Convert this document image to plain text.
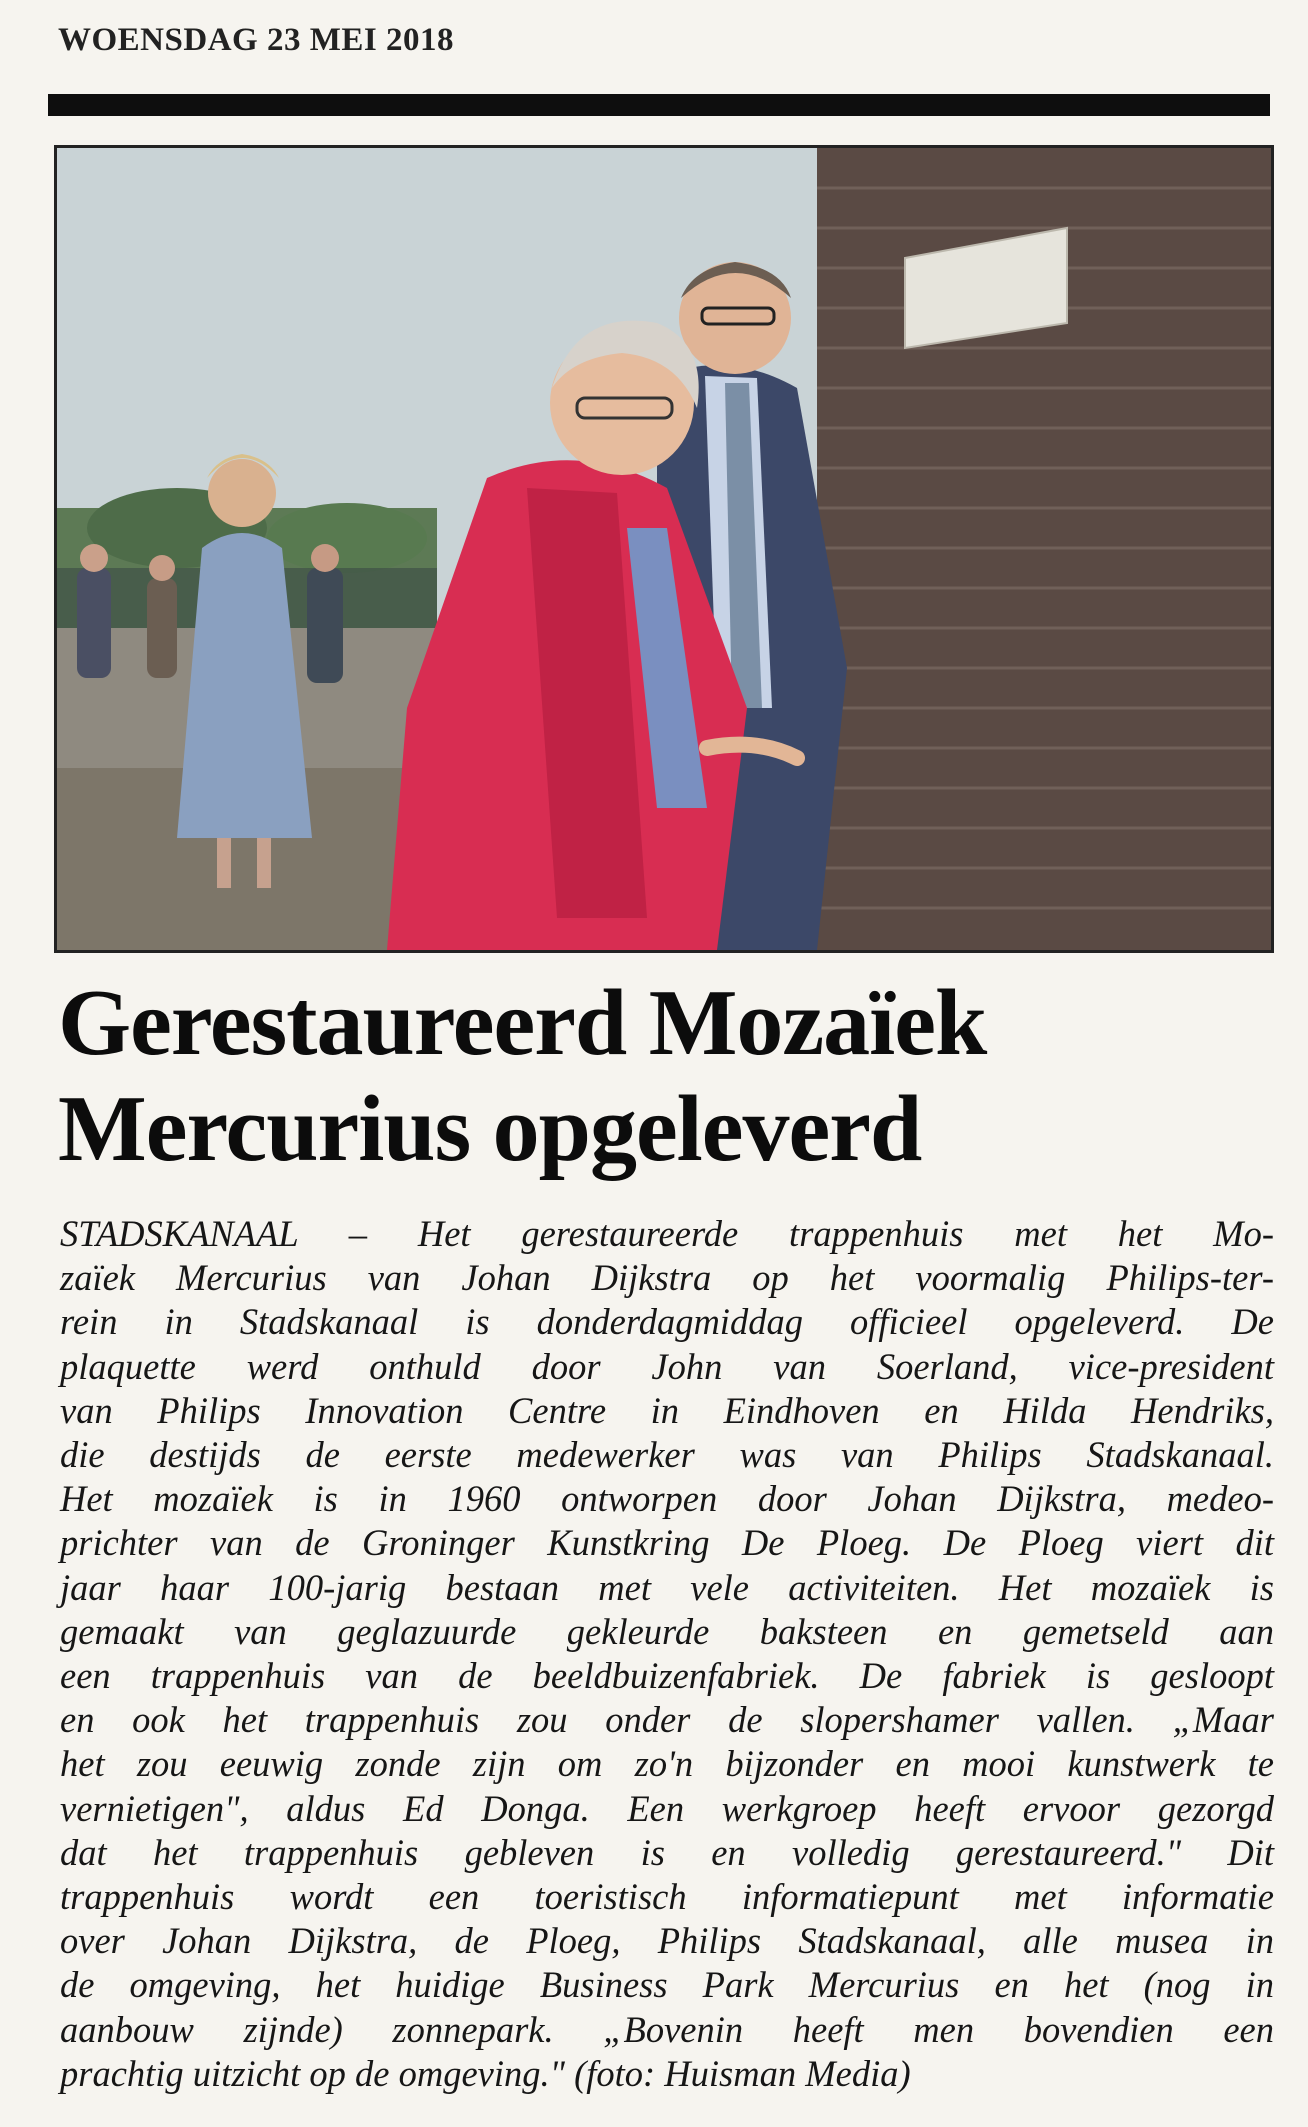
WOENSDAG 23 MEI 2018
Gerestaureerd Mozaïek
Mercurius opgeleverd
STADSKANAAL – Het gerestaureerde trappenhuis met het Mo-
zaïek Mercurius van Johan Dijkstra op het voormalig Philips-ter-
rein in Stadskanaal is donderdagmiddag officieel opgeleverd. De
plaquette werd onthuld door John van Soerland, vice-president
van Philips Innovation Centre in Eindhoven en Hilda Hendriks,
die destijds de eerste medewerker was van Philips Stadskanaal.
Het mozaïek is in 1960 ontworpen door Johan Dijkstra, medeo-
prichter van de Groninger Kunstkring De Ploeg. De Ploeg viert dit
jaar haar 100-jarig bestaan met vele activiteiten. Het mozaïek is
gemaakt van geglazuurde gekleurde baksteen en gemetseld aan
een trappenhuis van de beeldbuizenfabriek. De fabriek is gesloopt
en ook het trappenhuis zou onder de slopershamer vallen. „Maar
het zou eeuwig zonde zijn om zo'n bijzonder en mooi kunstwerk te
vernietigen", aldus Ed Donga. Een werkgroep heeft ervoor gezorgd
dat het trappenhuis gebleven is en volledig gerestaureerd." Dit
trappenhuis wordt een toeristisch informatiepunt met informatie
over Johan Dijkstra, de Ploeg, Philips Stadskanaal, alle musea in
de omgeving, het huidige Business Park Mercurius en het (nog in
aanbouw zijnde) zonnepark. „Bovenin heeft men bovendien een
prachtig uitzicht op de omgeving." (foto: Huisman Media)
